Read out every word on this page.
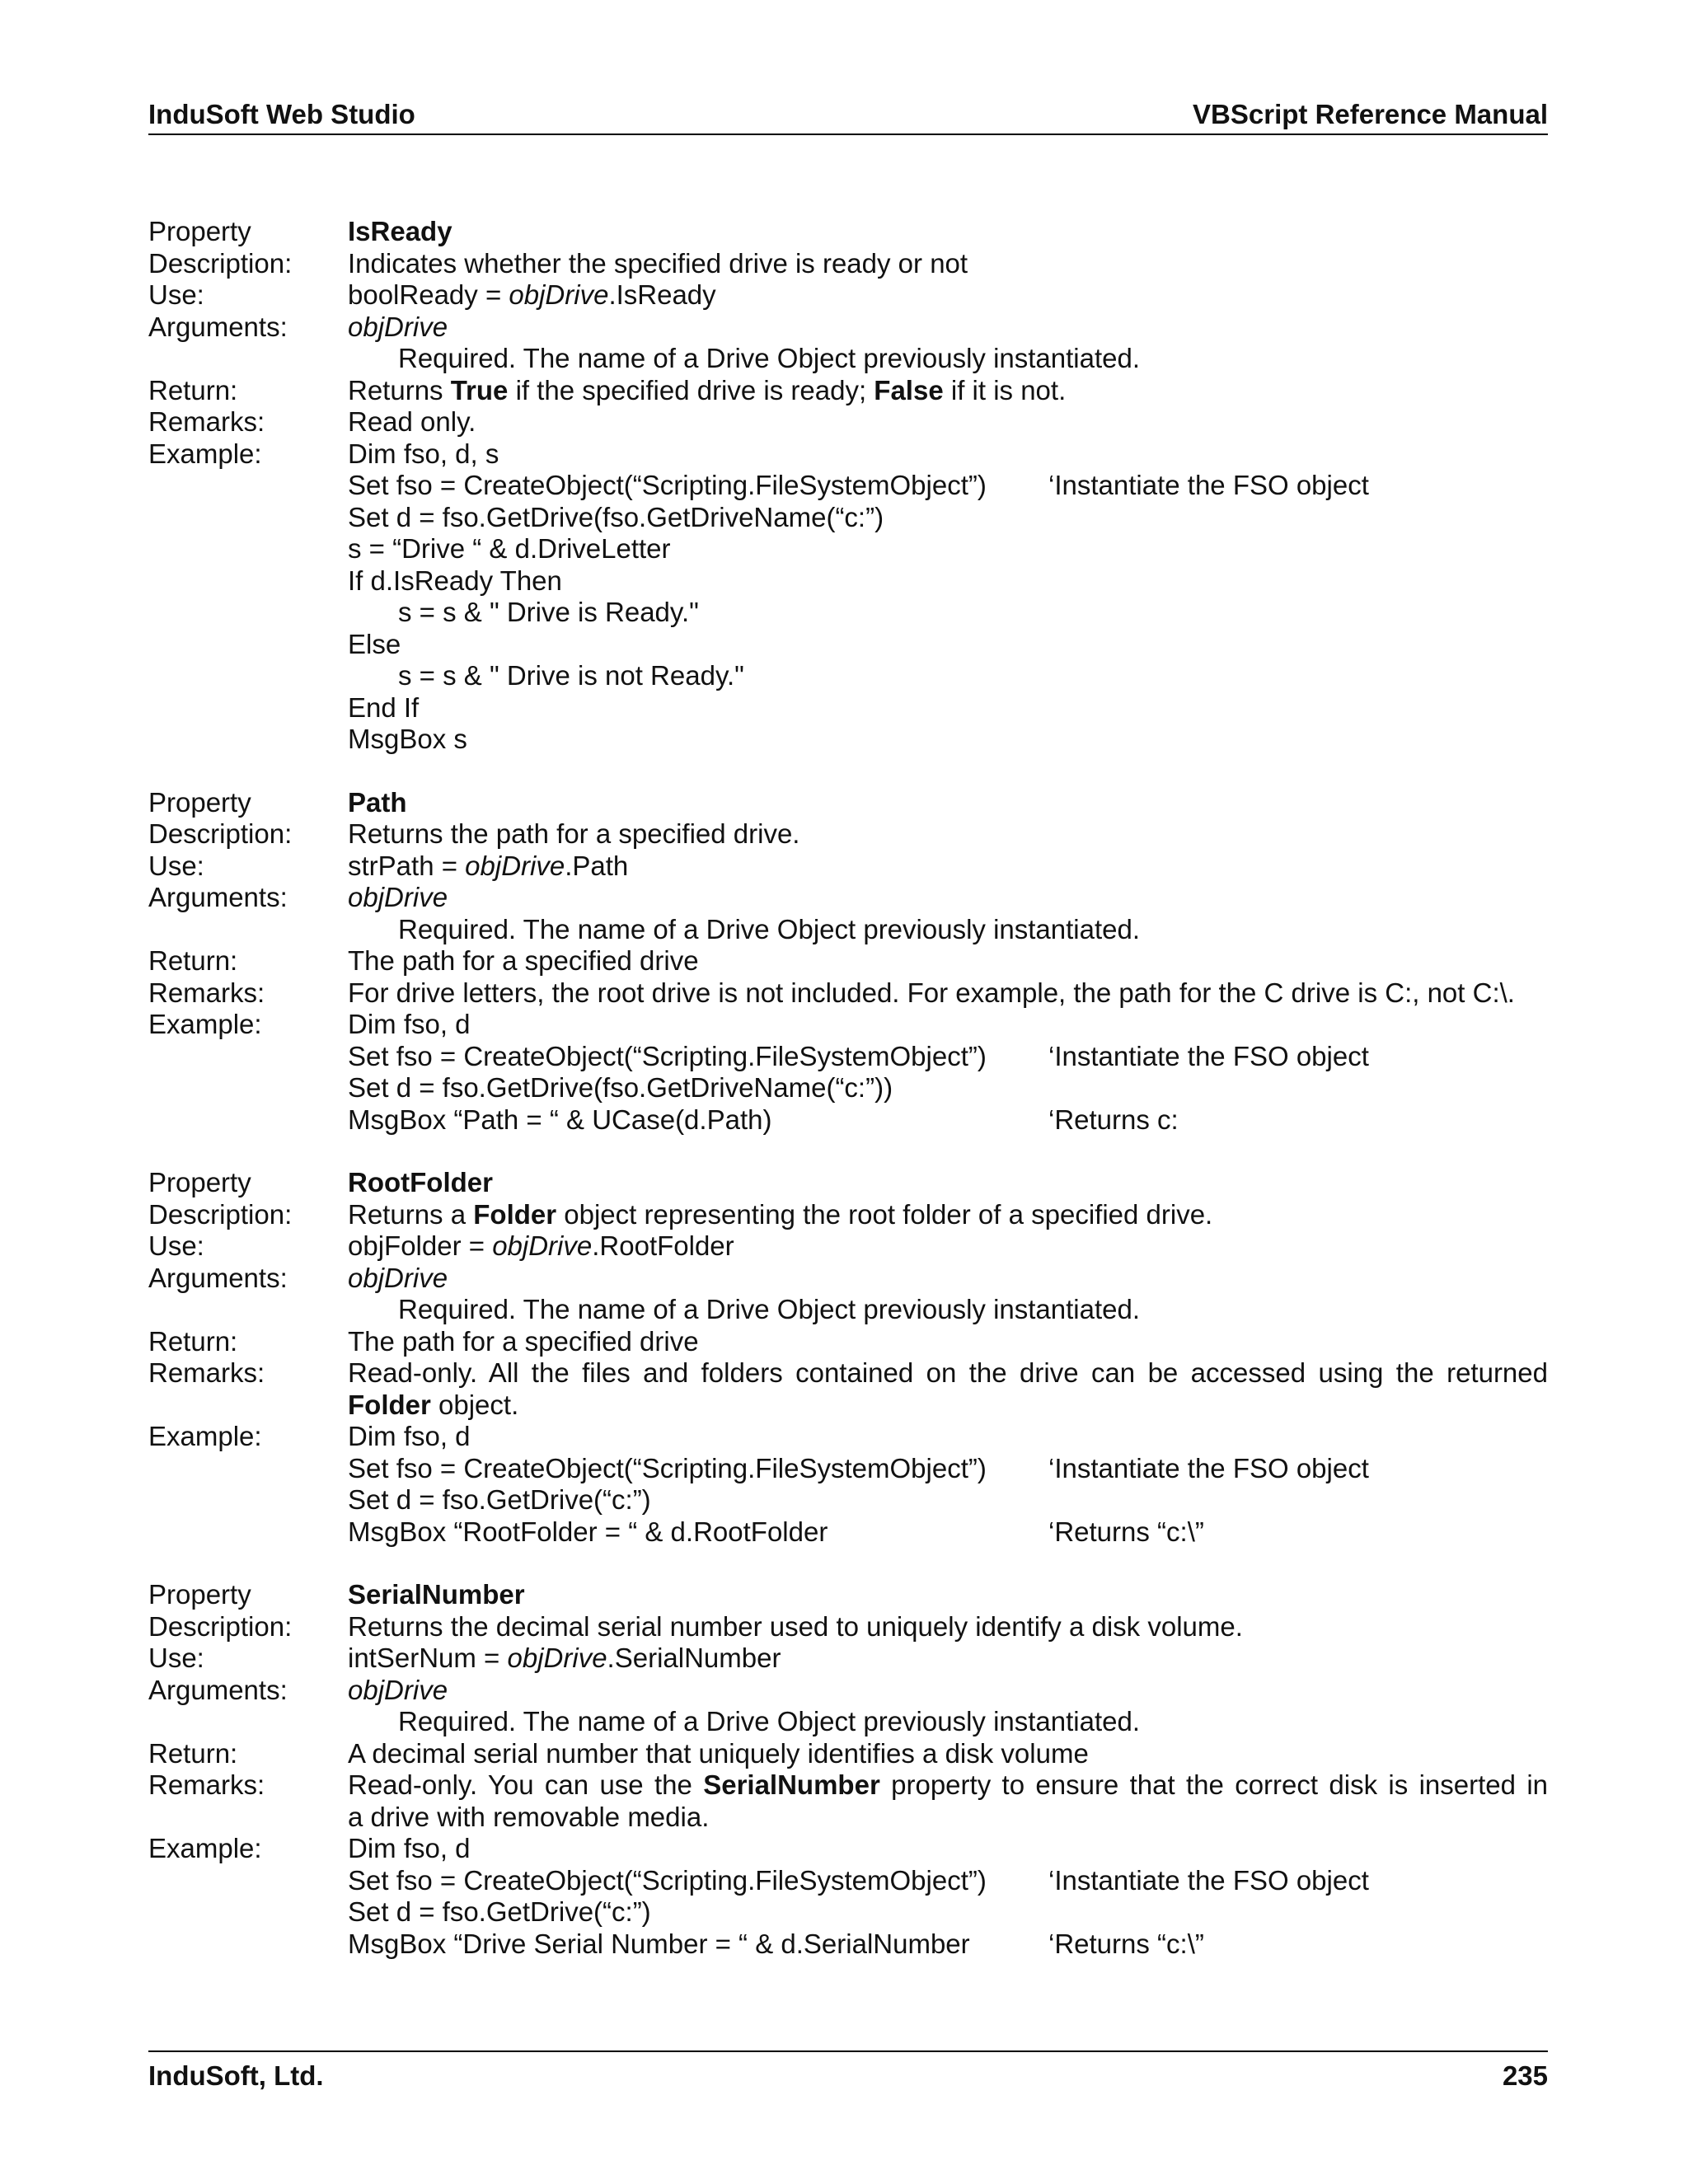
InduSoft Web Studio	VBScript Reference Manual
Property	IsReady
Description:	Indicates whether the specified drive is ready or not
Use:	boolReady = objDrive.IsReady
Arguments:	objDrive
Required. The name of a Drive Object previously instantiated.
Return:	Returns True if the specified drive is ready; False if it is not.
Remarks:	Read only.
Example:	Dim fso, d, s
Set fso = CreateObject(“Scripting.FileSystemObject”)	‘Instantiate the FSO object
Set d = fso.GetDrive(fso.GetDriveName(“c:”)
s = “Drive “ & d.DriveLetter
If d.IsReady Then
s = s & " Drive is Ready."
Else
s = s & " Drive is not Ready."
End If
MsgBox s
Property	Path
Description:	Returns the path for a specified drive.
Use:	strPath = objDrive.Path
Arguments:	objDrive
Required. The name of a Drive Object previously instantiated.
Return:	The path for a specified drive
Remarks:	For drive letters, the root drive is not included. For example, the path for the C drive is C:, not C:\.
Example:	Dim fso, d
Set fso = CreateObject(“Scripting.FileSystemObject”)	‘Instantiate the FSO object
Set d = fso.GetDrive(fso.GetDriveName(“c:”))
MsgBox “Path = “ & UCase(d.Path)	‘Returns c:
Property	RootFolder
Description:	Returns a Folder object representing the root folder of a specified drive.
Use:	objFolder = objDrive.RootFolder
Arguments:	objDrive
Required. The name of a Drive Object previously instantiated.
Return:	The path for a specified drive
Remarks:	Read-only. All the files and folders contained on the drive can be accessed using the returned
Folder object.
Example:	Dim fso, d
Set fso = CreateObject(“Scripting.FileSystemObject”)	‘Instantiate the FSO object
Set d = fso.GetDrive(“c:”)
MsgBox “RootFolder = “ & d.RootFolder	‘Returns “c:\”
Property	SerialNumber
Description:	Returns the decimal serial number used to uniquely identify a disk volume.
Use:	intSerNum = objDrive.SerialNumber
Arguments:	objDrive
Required. The name of a Drive Object previously instantiated.
Return:	A decimal serial number that uniquely identifies a disk volume
Remarks:	Read-only. You can use the SerialNumber property to ensure that the correct disk is inserted in
a drive with removable media.
Example:	Dim fso, d
Set fso = CreateObject(“Scripting.FileSystemObject”)	‘Instantiate the FSO object
Set d = fso.GetDrive(“c:”)
MsgBox “Drive Serial Number = “ & d.SerialNumber	‘Returns “c:\”
InduSoft, Ltd.	235
